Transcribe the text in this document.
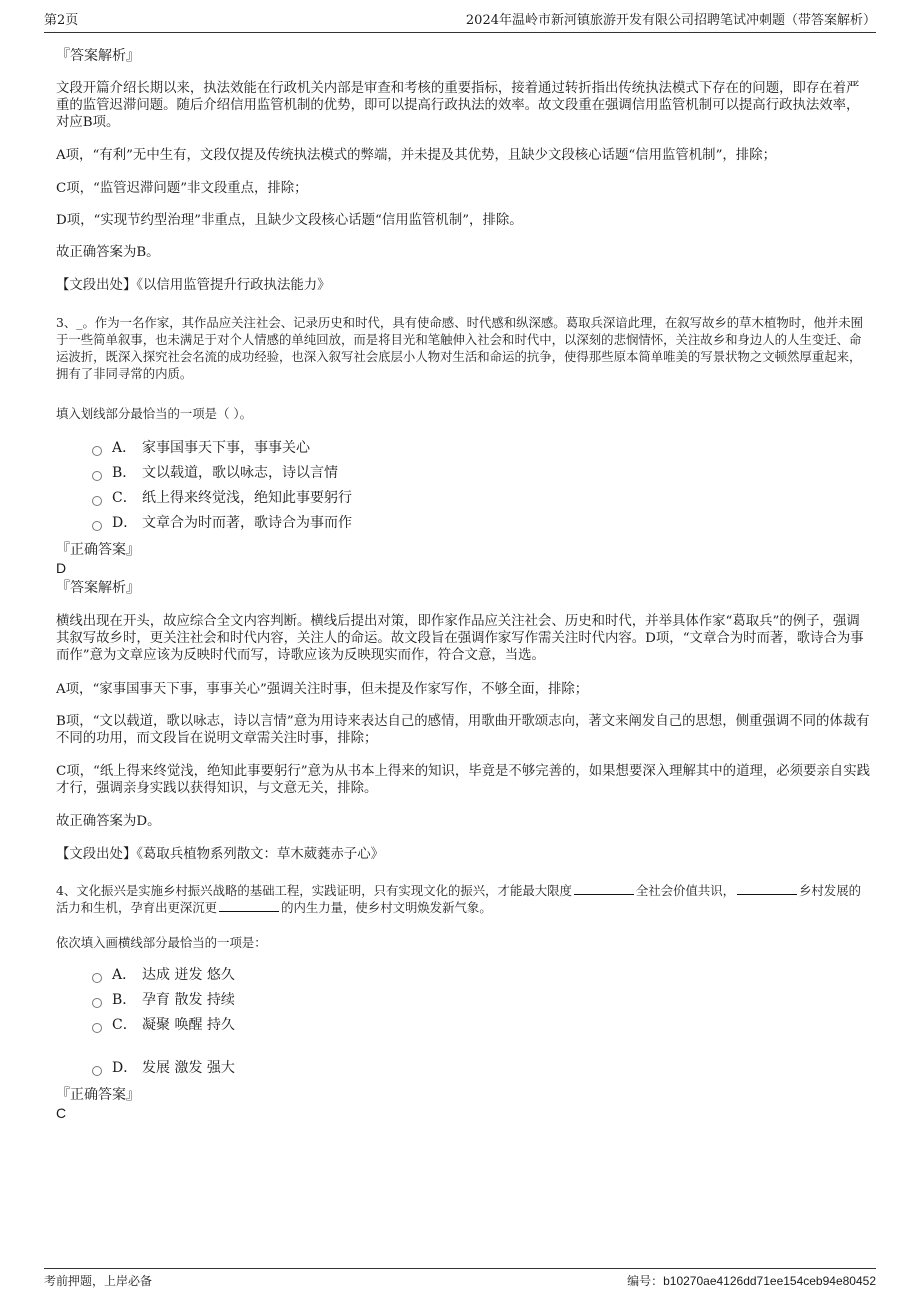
第2页	2024年温岭市新河镇旅游开发有限公司招聘笔试冲刺题（带答案解析）
『答案解析』
文段开篇介绍长期以来，执法效能在行政机关内部是审查和考核的重要指标，接着通过转折指出传统执法模式下存在的问题，即存在着严重的监管迟滞问题。随后介绍信用监管机制的优势，即可以提高行政执法的效率。故文段重在强调信用监管机制可以提高行政执法效率，对应B项。
A项，“有利”无中生有，文段仅提及传统执法模式的弊端，并未提及其优势，且缺少文段核心话题“信用监管机制”，排除；
C项，“监管迟滞问题”非文段重点，排除；
D项，“实现节约型治理”非重点，且缺少文段核心话题“信用监管机制”，排除。
故正确答案为B。
【文段出处】《以信用监管提升行政执法能力》
3、_。作为一名作家，其作品应关注社会、记录历史和时代，具有使命感、时代感和纵深感。葛取兵深谙此理，在叙写故乡的草木植物时，他并未囿于一些简单叙事，也未满足于对个人情感的单纯回放，而是将目光和笔触伸入社会和时代中，以深刻的悲悯情怀，关注故乡和身边人的人生变迁、命运波折，既深入探究社会名流的成功经验，也深入叙写社会底层小人物对生活和命运的抗争，使得那些原本简单唯美的写景状物之文顿然厚重起来，拥有了非同寻常的内质。
填入划线部分最恰当的一项是（ ）。
A． 家事国事天下事，事事关心
B． 文以载道，歌以咏志，诗以言情
C． 纸上得来终觉浅，绝知此事要躬行
D． 文章合为时而著，歌诗合为事而作
『正确答案』
D
『答案解析』
横线出现在开头，故应综合全文内容判断。横线后提出对策，即作家作品应关注社会、历史和时代，并举具体作家“葛取兵”的例子，强调其叙写故乡时，更关注社会和时代内容，关注人的命运。故文段旨在强调作家写作需关注时代内容。D项，“文章合为时而著，歌诗合为事而作”意为文章应该为反映时代而写，诗歌应该为反映现实而作，符合文意，当选。
A项，“家事国事天下事，事事关心”强调关注时事，但未提及作家写作，不够全面，排除；
B项，“文以载道，歌以咏志，诗以言情”意为用诗来表达自己的感情，用歌曲开歌颂志向，著文来阐发自己的思想，侧重强调不同的体裁有不同的功用，而文段旨在说明文章需关注时事，排除；
C项，“纸上得来终觉浅，绝知此事要躬行”意为从书本上得来的知识，毕竟是不够完善的，如果想要深入理解其中的道理，必须要亲自实践才行，强调亲身实践以获得知识，与文意无关，排除。
故正确答案为D。
【文段出处】《葛取兵植物系列散文：草木葳蕤赤子心》
4、文化振兴是实施乡村振兴战略的基础工程，实践证明，只有实现文化的振兴，才能最大限度	全社会价值共识，	乡村发展的活力和生机，孕育出更深沉更	的内生力量，使乡村文明焕发新气象。
依次填入画横线部分最恰当的一项是：
A． 达成 迸发 悠久
B． 孕育 散发 持续
C． 凝聚 唤醒 持久
D． 发展 激发 强大
『正确答案』
C
考前押题，上岸必备	编号：b10270ae4126dd71ee154ceb94e80452
